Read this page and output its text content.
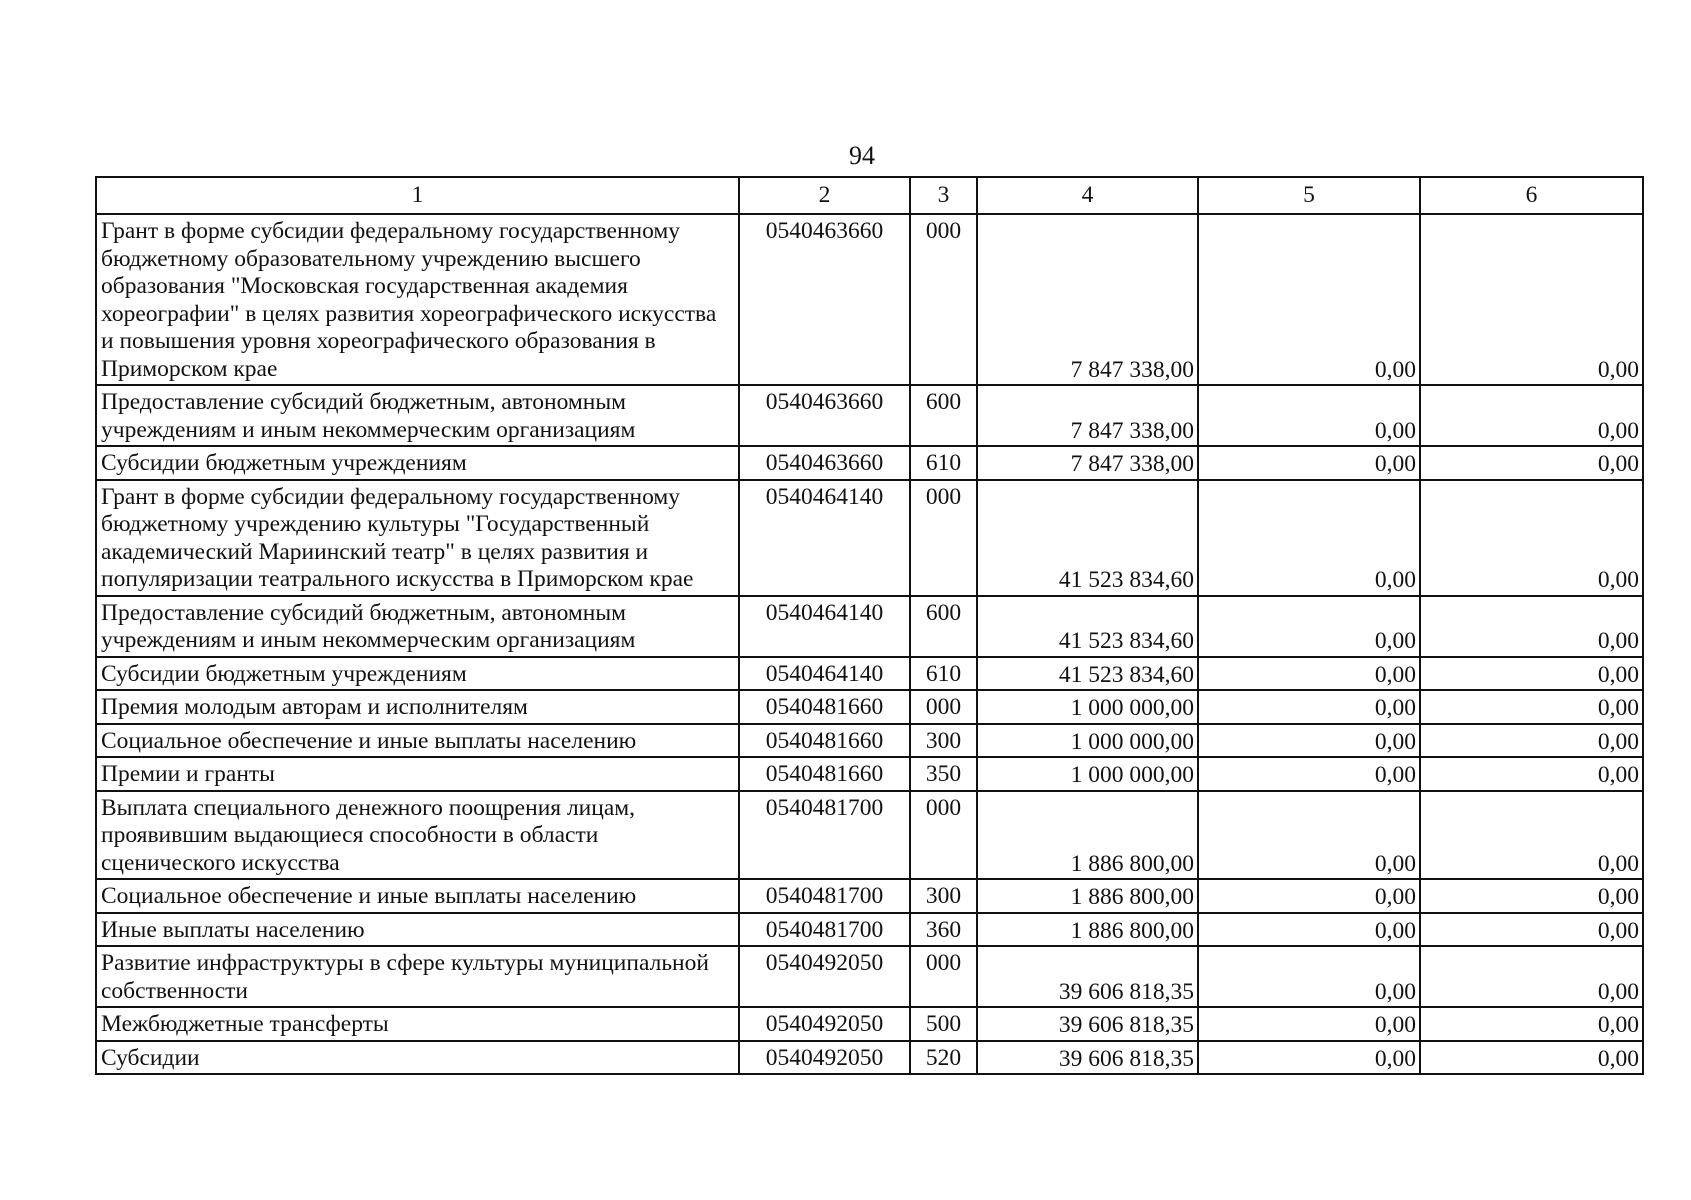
94
1	2	3	4	5	6
Грант в форме субсидии федеральному государственному бюджетному образовательному учреждению высшего образования "Московская государственная академия хореографии" в целях развития хореографического искусства и повышения уровня хореографического образования в Приморском крае	0540463660	000	7 847 338,00	0,00	0,00
Предоставление субсидий бюджетным, автономным учреждениям и иным некоммерческим организациям	0540463660	600	7 847 338,00	0,00	0,00
Субсидии бюджетным учреждениям	0540463660	610	7 847 338,00	0,00	0,00
Грант в форме субсидии федеральному государственному бюджетному учреждению культуры "Государственный академический Мариинский театр" в целях развития и популяризации театрального искусства в Приморском крае	0540464140	000	41 523 834,60	0,00	0,00
Предоставление субсидий бюджетным, автономным учреждениям и иным некоммерческим организациям	0540464140	600	41 523 834,60	0,00	0,00
Субсидии бюджетным учреждениям	0540464140	610	41 523 834,60	0,00	0,00
Премия молодым авторам и исполнителям	0540481660	000	1 000 000,00	0,00	0,00
Социальное обеспечение и иные выплаты населению	0540481660	300	1 000 000,00	0,00	0,00
Премии и гранты	0540481660	350	1 000 000,00	0,00	0,00
Выплата специального денежного поощрения лицам, проявившим выдающиеся способности в области сценического искусства	0540481700	000	1 886 800,00	0,00	0,00
Социальное обеспечение и иные выплаты населению	0540481700	300	1 886 800,00	0,00	0,00
Иные выплаты населению	0540481700	360	1 886 800,00	0,00	0,00
Развитие инфраструктуры в сфере культуры муниципальной собственности	0540492050	000	39 606 818,35	0,00	0,00
Межбюджетные трансферты	0540492050	500	39 606 818,35	0,00	0,00
Субсидии	0540492050	520	39 606 818,35	0,00	0,00
